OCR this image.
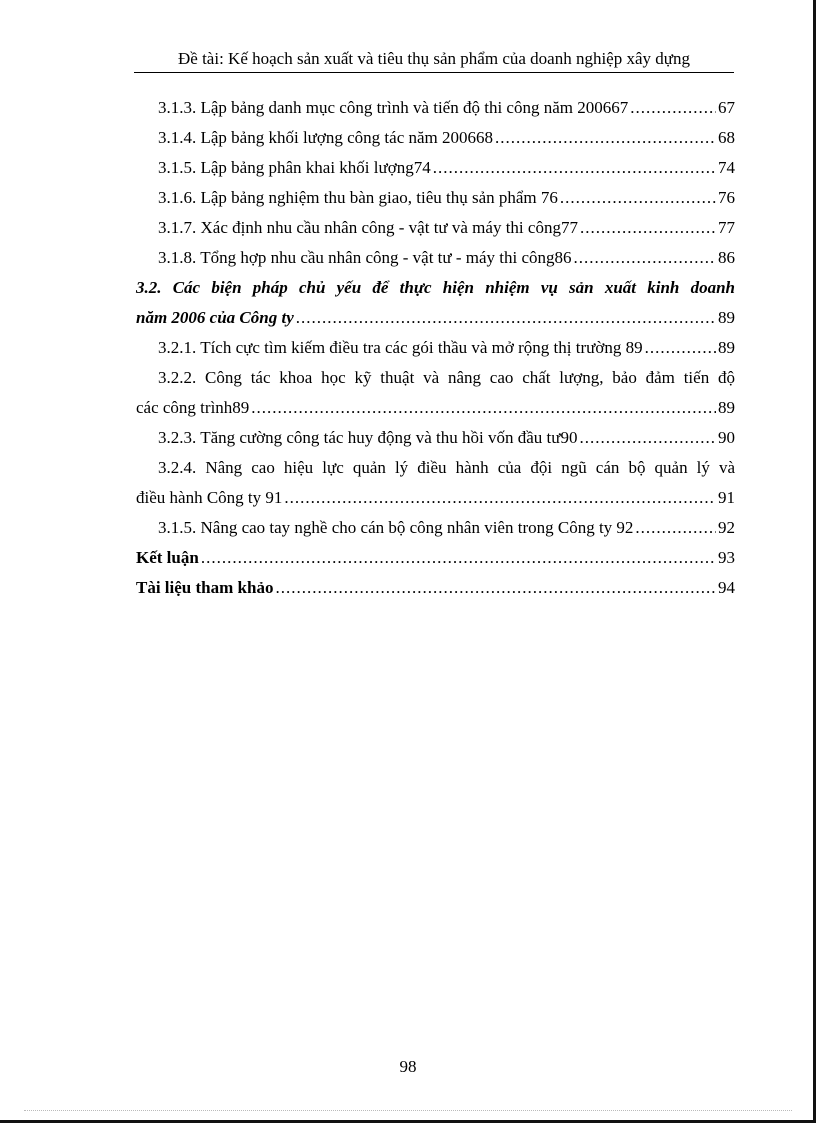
Đề tài: Kế hoạch sản xuất và tiêu thụ sản phẩm của doanh nghiệp xây dựng
3.1.3. Lập bảng danh mục công trình và tiến độ thi công năm 200667 .....	67
3.1.4. Lập bảng khối lượng công tác năm 200668 .....	68
3.1.5. Lập bảng phân khai khối lượng74 .....	74
3.1.6. Lập bảng nghiệm thu bàn giao, tiêu thụ sản phẩm 76 .....	76
3.1.7. Xác định nhu cầu nhân công - vật tư và máy thi công77 .....	77
3.1.8. Tổng hợp nhu cầu nhân công - vật tư - máy thi công86 .....	86
3.2. Các biện pháp chủ yếu để thực hiện nhiệm vụ sản xuất kinh doanh
năm 2006 của Công ty .....	89
3.2.1. Tích cực tìm kiếm điều tra các gói thầu và mở rộng thị trường 89 .....	89
3.2.2. Công tác khoa học kỹ thuật và nâng cao chất lượng, bảo đảm tiến độ
các công trình89 .....	89
3.2.3. Tăng cường công tác huy động và thu hồi vốn đầu tư90 .....	90
3.2.4. Nâng cao hiệu lực quản lý điều hành của đội ngũ cán bộ quản lý và
điều hành Công ty 91 .....	91
3.1.5. Nâng cao tay nghề cho cán bộ công nhân viên trong Công ty 92 .....	92
Kết luận .....	93
Tài liệu tham khảo .....	94
98
